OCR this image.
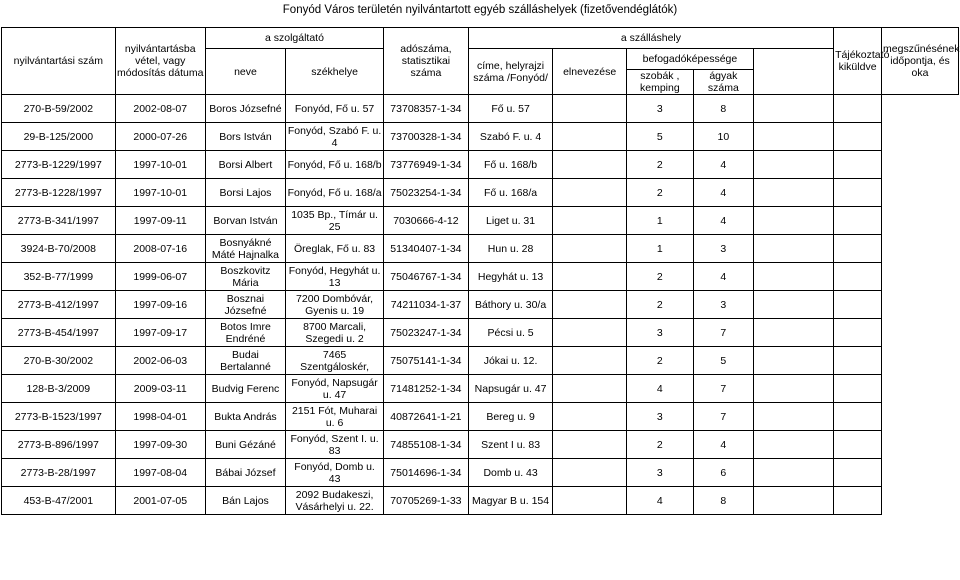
Fonyód Város területén nyilvántartott egyéb szálláshelyek (fizetővendéglátók)
nyilvántartási szám	nyilvántartásba vétel, vagy módosítás dátuma	a szolgáltató		adószáma, statisztikai száma	a szálláshely					Tájékoztató kiküldve	megszűnésének időpontja, és oka
		neve	székhelye		címe, helyrajzi száma /Fonyód/	elnevezése	befogadóképessége				
							szobák , kemping	ágyak száma			
270-B-59/2002	2002-08-07	Boros Józsefné	Fonyód, Fő u. 57	73708357-1-34	Fő u. 57		3	8			
29-B-125/2000	2000-07-26	Bors István	Fonyód, Szabó F. u. 4	73700328-1-34	Szabó F. u. 4		5	10			
2773-B-1229/1997	1997-10-01	Borsi Albert	Fonyód, Fő u. 168/b	73776949-1-34	Fő u. 168/b		2	4			
2773-B-1228/1997	1997-10-01	Borsi Lajos	Fonyód, Fő u. 168/a	75023254-1-34	Fő u. 168/a		2	4			
2773-B-341/1997	1997-09-11	Borvan István	1035 Bp., Tímár u. 25	7030666-4-12	Liget u. 31		1	4			
3924-B-70/2008	2008-07-16	Bosnyákné Máté Hajnalka	Öreglak, Fő u. 83	51340407-1-34	Hun u. 28		1	3			
352-B-77/1999	1999-06-07	Boszkovitz Mária	Fonyód, Hegyhát u. 13	75046767-1-34	Hegyhát u. 13		2	4			
2773-B-412/1997	1997-09-16	Bosznai Józsefné	7200 Dombóvár, Gyenis u. 19	74211034-1-37	Báthory u. 30/a		2	3			
2773-B-454/1997	1997-09-17	Botos Imre Endréné	8700 Marcali, Szegedi u. 2	75023247-1-34	Pécsi u. 5		3	7			
270-B-30/2002	2002-06-03	Budai Bertalanné	7465 Szentgáloskér,	75075141-1-34	Jókai u. 12.		2	5			
128-B-3/2009	2009-03-11	Budvig Ferenc	Fonyód, Napsugár u. 47	71481252-1-34	Napsugár u. 47		4	7			
2773-B-1523/1997	1998-04-01	Bukta András	2151 Fót, Muharai u. 6	40872641-1-21	Bereg u. 9		3	7			
2773-B-896/1997	1997-09-30	Buni Gézáné	Fonyód, Szent I. u. 83	74855108-1-34	Szent I u. 83		2	4			
2773-B-28/1997	1997-08-04	Bábai József	Fonyód, Domb u. 43	75014696-1-34	Domb u. 43		3	6			
453-B-47/2001	2001-07-05	Bán Lajos	2092 Budakeszi, Vásárhelyi u. 22.	70705269-1-33	Magyar B u. 154		4	8			
